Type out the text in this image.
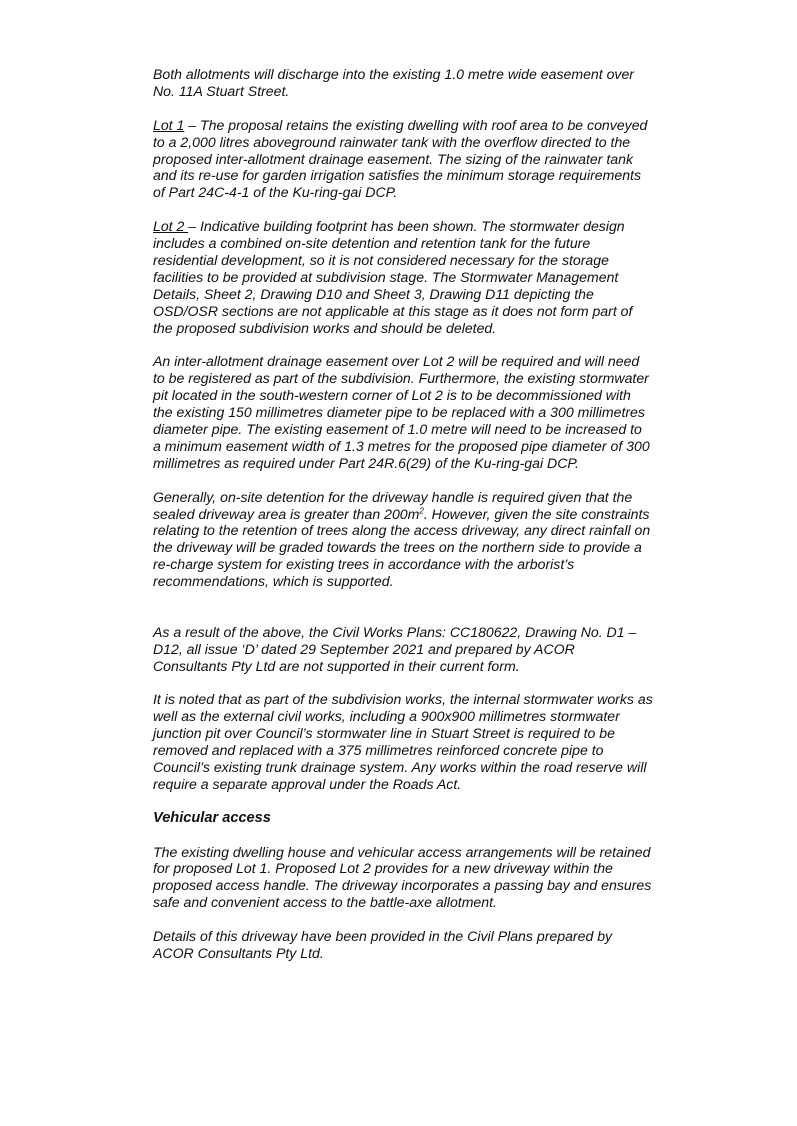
Both allotments will discharge into the existing 1.0 metre wide easement over No. 11A Stuart Street.

Lot 1 – The proposal retains the existing dwelling with roof area to be conveyed to a 2,000 litres aboveground rainwater tank with the overflow directed to the proposed inter-allotment drainage easement. The sizing of the rainwater tank and its re-use for garden irrigation satisfies the minimum storage requirements of Part 24C-4-1 of the Ku-ring-gai DCP.

Lot 2 – Indicative building footprint has been shown. The stormwater design includes a combined on-site detention and retention tank for the future residential development, so it is not considered necessary for the storage facilities to be provided at subdivision stage. The Stormwater Management Details, Sheet 2, Drawing D10 and Sheet 3, Drawing D11 depicting the OSD/OSR sections are not applicable at this stage as it does not form part of the proposed subdivision works and should be deleted.

An inter-allotment drainage easement over Lot 2 will be required and will need to be registered as part of the subdivision. Furthermore, the existing stormwater pit located in the south-western corner of Lot 2 is to be decommissioned with the existing 150 millimetres diameter pipe to be replaced with a 300 millimetres diameter pipe. The existing easement of 1.0 metre will need to be increased to a minimum easement width of 1.3 metres for the proposed pipe diameter of 300 millimetres as required under Part 24R.6(29) of the Ku-ring-gai DCP.

Generally, on-site detention for the driveway handle is required given that the sealed driveway area is greater than $200m^2$. However, given the site constraints relating to the retention of trees along the access driveway, any direct rainfall on the driveway will be graded towards the trees on the northern side to provide a re-charge system for existing trees in accordance with the arborist’s recommendations, which is supported.

As a result of the above, the Civil Works Plans: CC180622, Drawing No. D1 – D12, all issue ‘D’ dated 29 September 2021 and prepared by ACOR Consultants Pty Ltd are not supported in their current form.

It is noted that as part of the subdivision works, the internal stormwater works as well as the external civil works, including a 900x900 millimetres stormwater junction pit over Council’s stormwater line in Stuart Street is required to be removed and replaced with a 375 millimetres reinforced concrete pipe to Council’s existing trunk drainage system. Any works within the road reserve will require a separate approval under the Roads Act.

Vehicular access

The existing dwelling house and vehicular access arrangements will be retained for proposed Lot 1. Proposed Lot 2 provides for a new driveway within the proposed access handle. The driveway incorporates a passing bay and ensures safe and convenient access to the battle-axe allotment.

Details of this driveway have been provided in the Civil Plans prepared by ACOR Consultants Pty Ltd.
